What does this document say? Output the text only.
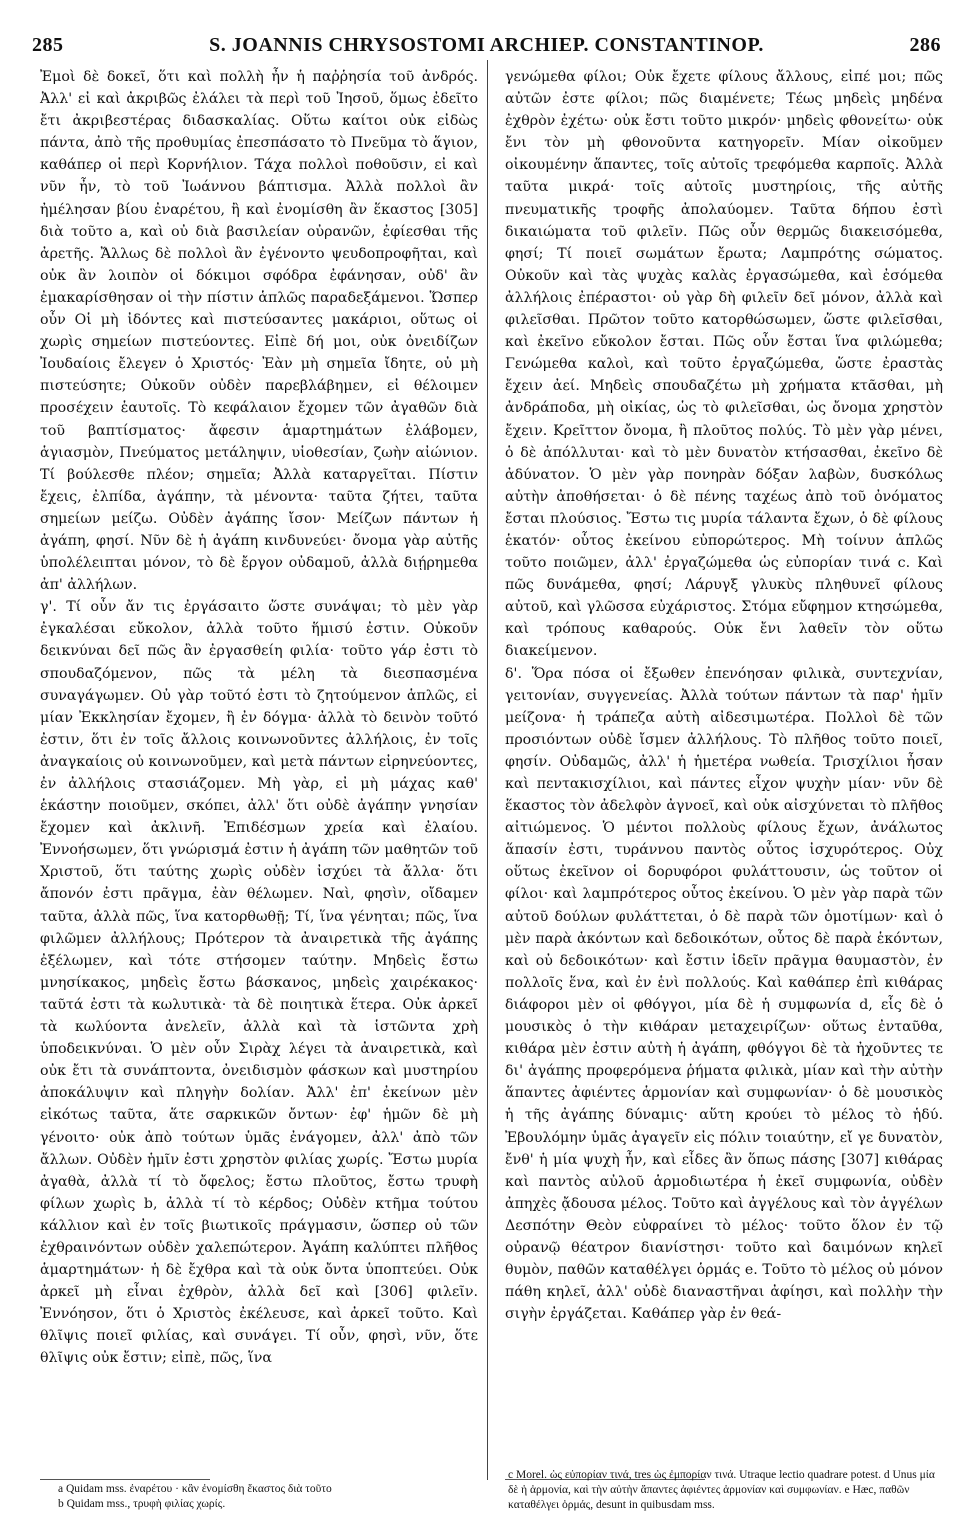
285	S. JOANNIS CHRYSOSTOMI ARCHIEP. CONSTANTINOP.	286

Ἐμοὶ δὲ δοκεῖ, ὅτι καὶ πολλὴ ἦν ἡ παῤῥησία τοῦ ἀνδρός. Ἀλλ' εἰ καὶ ἀκριβῶς ἐλάλει τὰ περὶ τοῦ Ἰησοῦ, ὅμως ἐδεῖτο ἔτι ἀκριβεστέρας διδασκαλίας. Οὕτω καίτοι οὐκ εἰδὼς πάντα, ἀπὸ τῆς προθυμίας ἐπεσπάσατο τὸ Πνεῦμα τὸ ἅγιον, καθάπερ οἱ περὶ Κορνήλιον. Τάχα πολλοὶ ποθοῦσιν, εἰ καὶ νῦν ἦν, τὸ τοῦ Ἰωάννου βάπτισμα. Ἀλλὰ πολλοὶ ἂν ἠμέλησαν βίου ἐναρέτου, ἢ καὶ ἐνομίσθη ἂν ἕκαστος [305] διὰ τοῦτο a, καὶ οὐ διὰ βασιλείαν οὐρανῶν, ἐφίεσθαι τῆς ἀρετῆς. Ἄλλως δὲ πολλοὶ ἂν ἐγένοντο ψευδοπροφῆται, καὶ οὐκ ἂν λοιπὸν οἱ δόκιμοι σφόδρα ἐφάνησαν, οὐδ' ἂν ἐμακαρίσθησαν οἱ τὴν πίστιν ἁπλῶς παραδεξάμενοι. Ὥσπερ οὖν Οἱ μὴ ἰδόντες καὶ πιστεύσαντες μακάριοι, οὕτως οἱ χωρὶς σημείων πιστεύοντες. Εἰπὲ δή μοι, οὐκ ὀνειδίζων Ἰουδαίοις ἔλεγεν ὁ Χριστός· Ἐὰν μὴ σημεῖα ἴδητε, οὐ μὴ πιστεύσητε; Οὐκοῦν οὐδὲν παρεβλάβημεν, εἰ θέλοιμεν προσέχειν ἑαυτοῖς. Τὸ κεφάλαιον ἔχομεν τῶν ἀγαθῶν διὰ τοῦ βαπτίσματος· ἄφεσιν ἁμαρτημάτων ἐλάβομεν, ἁγιασμὸν, Πνεύματος μετάληψιν, υἱοθεσίαν, ζωὴν αἰώνιον. Τί βούλεσθε πλέον; σημεῖα; Ἀλλὰ καταργεῖται. Πίστιν ἔχεις, ἐλπίδα, ἀγάπην, τὰ μένοντα· ταῦτα ζήτει, ταῦτα σημείων μείζω. Οὐδὲν ἀγάπης ἴσον· Μείζων πάντων ἡ ἀγάπη, φησί. Νῦν δὲ ἡ ἀγάπη κινδυνεύει· ὄνομα γὰρ αὐτῆς ὑπολέλειπται μόνον, τὸ δὲ ἔργον οὐδαμοῦ, ἀλλὰ διῄρημεθα ἀπ' ἀλλήλων.

γ'. Τί οὖν ἄν τις ἐργάσαιτο ὥστε συνάψαι; τὸ μὲν γὰρ ἐγκαλέσαι εὔκολον, ἀλλὰ τοῦτο ἥμισύ ἐστιν. Οὐκοῦν δεικνύναι δεῖ πῶς ἂν ἐργασθείη φιλία· τοῦτο γάρ ἐστι τὸ σπουδαζόμενον, πῶς τὰ μέλη τὰ διεσπασμένα συναγάγωμεν. Οὐ γὰρ τοῦτό ἐστι τὸ ζητούμενον ἁπλῶς, εἰ μίαν Ἐκκλησίαν ἔχομεν, ἢ ἐν δόγμα· ἀλλὰ τὸ δεινὸν τοῦτό ἐστιν, ὅτι ἐν τοῖς ἄλλοις κοινωνοῦντες ἀλλήλοις, ἐν τοῖς ἀναγκαίοις οὐ κοινωνοῦμεν, καὶ μετὰ πάντων εἰρηνεύοντες, ἐν ἀλλήλοις στασιάζομεν. Μὴ γὰρ, εἰ μὴ μάχας καθ' ἑκάστην ποιοῦμεν, σκόπει, ἀλλ' ὅτι οὐδὲ ἀγάπην γνησίαν ἔχομεν καὶ ἀκλινῆ. Ἐπιδέσμων χρεία καὶ ἐλαίου. Ἐννοήσωμεν, ὅτι γνώρισμά ἐστιν ἡ ἀγάπη τῶν μαθητῶν τοῦ Χριστοῦ, ὅτι ταύτης χωρὶς οὐδὲν ἰσχύει τὰ ἄλλα· ὅτι ἄπονόν ἐστι πρᾶγμα, ἐὰν θέλωμεν. Ναὶ, φησὶν, οἴδαμεν ταῦτα, ἀλλὰ πῶς, ἵνα κατορθωθῇ; Τί, ἵνα γένηται; πῶς, ἵνα φιλῶμεν ἀλλήλους; Πρότερον τὰ ἀναιρετικὰ τῆς ἀγάπης ἐξέλωμεν, καὶ τότε στήσομεν ταύτην. Μηδεὶς ἔστω μνησίκακος, μηδεὶς ἔστω βάσκανος, μηδεὶς χαιρέκακος· ταῦτά ἐστι τὰ κωλυτικὰ· τὰ δὲ ποιητικὰ ἕτερα. Οὐκ ἀρκεῖ τὰ κωλύοντα ἀνελεῖν, ἀλλὰ καὶ τὰ ἱστῶντα χρὴ ὑποδεικνύναι. Ὁ μὲν οὖν Σιρὰχ λέγει τὰ ἀναιρετικὰ, καὶ οὐκ ἔτι τὰ συνάπτοντα, ὀνειδισμὸν φάσκων καὶ μυστηρίου ἀποκάλυψιν καὶ πληγὴν δολίαν. Ἀλλ' ἐπ' ἐκείνων μὲν εἰκότως ταῦτα, ἅτε σαρκικῶν ὄντων· ἐφ' ἡμῶν δὲ μὴ γένοιτο· οὐκ ἀπὸ τούτων ὑμᾶς ἐνάγομεν, ἀλλ' ἀπὸ τῶν ἄλλων. Οὐδὲν ἡμῖν ἐστι χρηστὸν φιλίας χωρίς. Ἔστω μυρία ἀγαθὰ, ἀλλὰ τί τὸ ὄφελος; ἔστω πλοῦτος, ἔστω τρυφὴ φίλων χωρὶς b, ἀλλὰ τί τὸ κέρδος; Οὐδὲν κτῆμα τούτου κάλλιον καὶ ἐν τοῖς βιωτικοῖς πράγμασιν, ὥσπερ οὐ τῶν ἐχθραινόντων οὐδὲν χαλεπώτερον. Ἀγάπη καλύπτει πλῆθος ἁμαρτημάτων· ἡ δὲ ἔχθρα καὶ τὰ οὐκ ὄντα ὑποπτεύει. Οὐκ ἀρκεῖ μὴ εἶναι ἐχθρὸν, ἀλλὰ δεῖ καὶ [306] φιλεῖν. Ἐννόησον, ὅτι ὁ Χριστὸς ἐκέλευσε, καὶ ἀρκεῖ τοῦτο. Καὶ θλῖψις ποιεῖ φιλίας, καὶ συνάγει. Τί οὖν, φησὶ, νῦν, ὅτε θλῖψις οὐκ ἔστιν; εἰπὲ, πῶς, ἵνα

γενώμεθα φίλοι; Οὐκ ἔχετε φίλους ἄλλους, εἰπέ μοι; πῶς αὐτῶν ἐστε φίλοι; πῶς διαμένετε; Τέως μηδεὶς μηδένα ἐχθρὸν ἐχέτω· οὐκ ἔστι τοῦτο μικρόν· μηδεὶς φθονείτω· οὐκ ἔνι τὸν μὴ φθονοῦντα κατηγορεῖν. Μίαν οἰκοῦμεν οἰκουμένην ἅπαντες, τοῖς αὐτοῖς τρεφόμεθα καρποῖς. Ἀλλὰ ταῦτα μικρά· τοῖς αὐτοῖς μυστηρίοις, τῆς αὐτῆς πνευματικῆς τροφῆς ἀπολαύομεν. Ταῦτα δήπου ἐστὶ δικαιώματα τοῦ φιλεῖν. Πῶς οὖν θερμῶς διακεισόμεθα, φησί; Τί ποιεῖ σωμάτων ἔρωτα; Λαμπρότης σώματος. Οὐκοῦν καὶ τὰς ψυχὰς καλὰς ἐργασώμεθα, καὶ ἐσόμεθα ἀλλήλοις ἐπέραστοι· οὐ γὰρ δὴ φιλεῖν δεῖ μόνον, ἀλλὰ καὶ φιλεῖσθαι. Πρῶτον τοῦτο κατορθώσωμεν, ὥστε φιλεῖσθαι, καὶ ἐκεῖνο εὔκολον ἔσται. Πῶς οὖν ἔσται ἵνα φιλώμεθα; Γενώμεθα καλοὶ, καὶ τοῦτο ἐργαζώμεθα, ὥστε ἐραστὰς ἔχειν ἀεί. Μηδεὶς σπουδαζέτω μὴ χρήματα κτᾶσθαι, μὴ ἀνδράποδα, μὴ οἰκίας, ὡς τὸ φιλεῖσθαι, ὡς ὄνομα χρηστὸν ἔχειν. Κρεῖττον ὄνομα, ἢ πλοῦτος πολύς. Τὸ μὲν γὰρ μένει, ὁ δὲ ἀπόλλυται· καὶ τὸ μὲν δυνατὸν κτήσασθαι, ἐκεῖνο δὲ ἀδύνατον. Ὁ μὲν γὰρ πονηρὰν δόξαν λαβὼν, δυσκόλως αὐτὴν ἀποθήσεται· ὁ δὲ πένης ταχέως ἀπὸ τοῦ ὀνόματος ἔσται πλούσιος. Ἔστω τις μυρία τάλαντα ἔχων, ὁ δὲ φίλους ἑκατόν· οὗτος ἐκείνου εὐπορώτερος. Μὴ τοίνυν ἁπλῶς τοῦτο ποιῶμεν, ἀλλ' ἐργαζώμεθα ὡς εὐπορίαν τινά c. Καὶ πῶς δυνάμεθα, φησί; Λάρυγξ γλυκὺς πληθυνεῖ φίλους αὐτοῦ, καὶ γλῶσσα εὐχάριστος. Στόμα εὔφημον κτησώμεθα, καὶ τρόπους καθαρούς. Οὐκ ἔνι λαθεῖν τὸν οὕτω διακείμενον.

δ'. Ὅρα πόσα οἱ ἔξωθεν ἐπενόησαν φιλικὰ, συντεχνίαν, γειτονίαν, συγγενείας. Ἀλλὰ τούτων πάντων τὰ παρ' ἡμῖν μείζονα· ἡ τράπεζα αὐτὴ αἰδεσιμωτέρα. Πολλοὶ δὲ τῶν προσιόντων οὐδὲ ἴσμεν ἀλλήλους. Τὸ πλῆθος τοῦτο ποιεῖ, φησίν. Οὐδαμῶς, ἀλλ' ἡ ἡμετέρα νωθεία. Τρισχίλιοι ἦσαν καὶ πεντακισχίλιοι, καὶ πάντες εἶχον ψυχὴν μίαν· νῦν δὲ ἕκαστος τὸν ἀδελφὸν ἀγνοεῖ, καὶ οὐκ αἰσχύνεται τὸ πλῆθος αἰτιώμενος. Ὁ μέντοι πολλοὺς φίλους ἔχων, ἀνάλωτος ἅπασίν ἐστι, τυράννου παντὸς οὗτος ἰσχυρότερος. Οὐχ οὕτως ἐκεῖνον οἱ δορυφόροι φυλάττουσιν, ὡς τοῦτον οἱ φίλοι· καὶ λαμπρότερος οὗτος ἐκείνου. Ὁ μὲν γὰρ παρὰ τῶν αὐτοῦ δούλων φυλάττεται, ὁ δὲ παρὰ τῶν ὁμοτίμων· καὶ ὁ μὲν παρὰ ἀκόντων καὶ δεδοικότων, οὗτος δὲ παρὰ ἑκόντων, καὶ οὐ δεδοικότων· καὶ ἔστιν ἰδεῖν πρᾶγμα θαυμαστὸν, ἐν πολλοῖς ἕνα, καὶ ἐν ἑνὶ πολλούς. Καὶ καθάπερ ἐπὶ κιθάρας διάφοροι μὲν οἱ φθόγγοι, μία δὲ ἡ συμφωνία d, εἷς δὲ ὁ μουσικὸς ὁ τὴν κιθάραν μεταχειρίζων· οὕτως ἐνταῦθα, κιθάρα μὲν ἐστιν αὐτὴ ἡ ἀγάπη, φθόγγοι δὲ τὰ ἠχοῦντες τε δι' ἀγάπης προφερόμενα ῥήματα φιλικὰ, μίαν καὶ τὴν αὐτὴν ἅπαντες ἀφιέντες ἁρμονίαν καὶ συμφωνίαν· ὁ δὲ μουσικὸς ἡ τῆς ἀγάπης δύναμις· αὕτη κρούει τὸ μέλος τὸ ἡδύ. Ἐβουλόμην ὑμᾶς ἀγαγεῖν εἰς πόλιν τοιαύτην, εἴ γε δυνατὸν, ἔνθ' ἡ μία ψυχὴ ἦν, καὶ εἶδες ἂν ὅπως πάσης [307] κιθάρας καὶ παντὸς αὐλοῦ ἁρμοδιωτέρα ἡ ἐκεῖ συμφωνία, οὐδὲν ἀπηχὲς ᾄδουσα μέλος. Τοῦτο καὶ ἀγγέλους καὶ τὸν ἀγγέλων Δεσπότην Θεὸν εὐφραίνει τὸ μέλος· τοῦτο ὅλον ἐν τῷ οὐρανῷ θέατρον διανίστησι· τοῦτο καὶ δαιμόνων κηλεῖ θυμὸν, παθῶν καταθέλγει ὁρμάς e. Τοῦτο τὸ μέλος οὐ μόνον πάθη κηλεῖ, ἀλλ' οὐδὲ διαναστῆναι ἀφίησι, καὶ πολλὴν τὴν σιγὴν ἐργάζεται. Καθάπερ γὰρ ἐν θεά-

a Quidam mss. ἐναρέτου · κἂν ἐνομίσθη ἕκαστος διὰ τοῦτο

b Quidam mss., τρυφὴ φιλίας χωρίς.

c Morel. ὡς εὐπορίαν τινά, tres ὡς ἐμπορίαν τινά. Utraque lectio quadrare potest. d Unus μία δὲ ἡ ἁρμονία, καὶ τὴν αὐτὴν ἅπαντες ἀφιέντες ἁρμονίαν καὶ συμφωνίαν. e Hæc, παθῶν καταθέλγει ὁρμάς, desunt in quibusdam mss.
